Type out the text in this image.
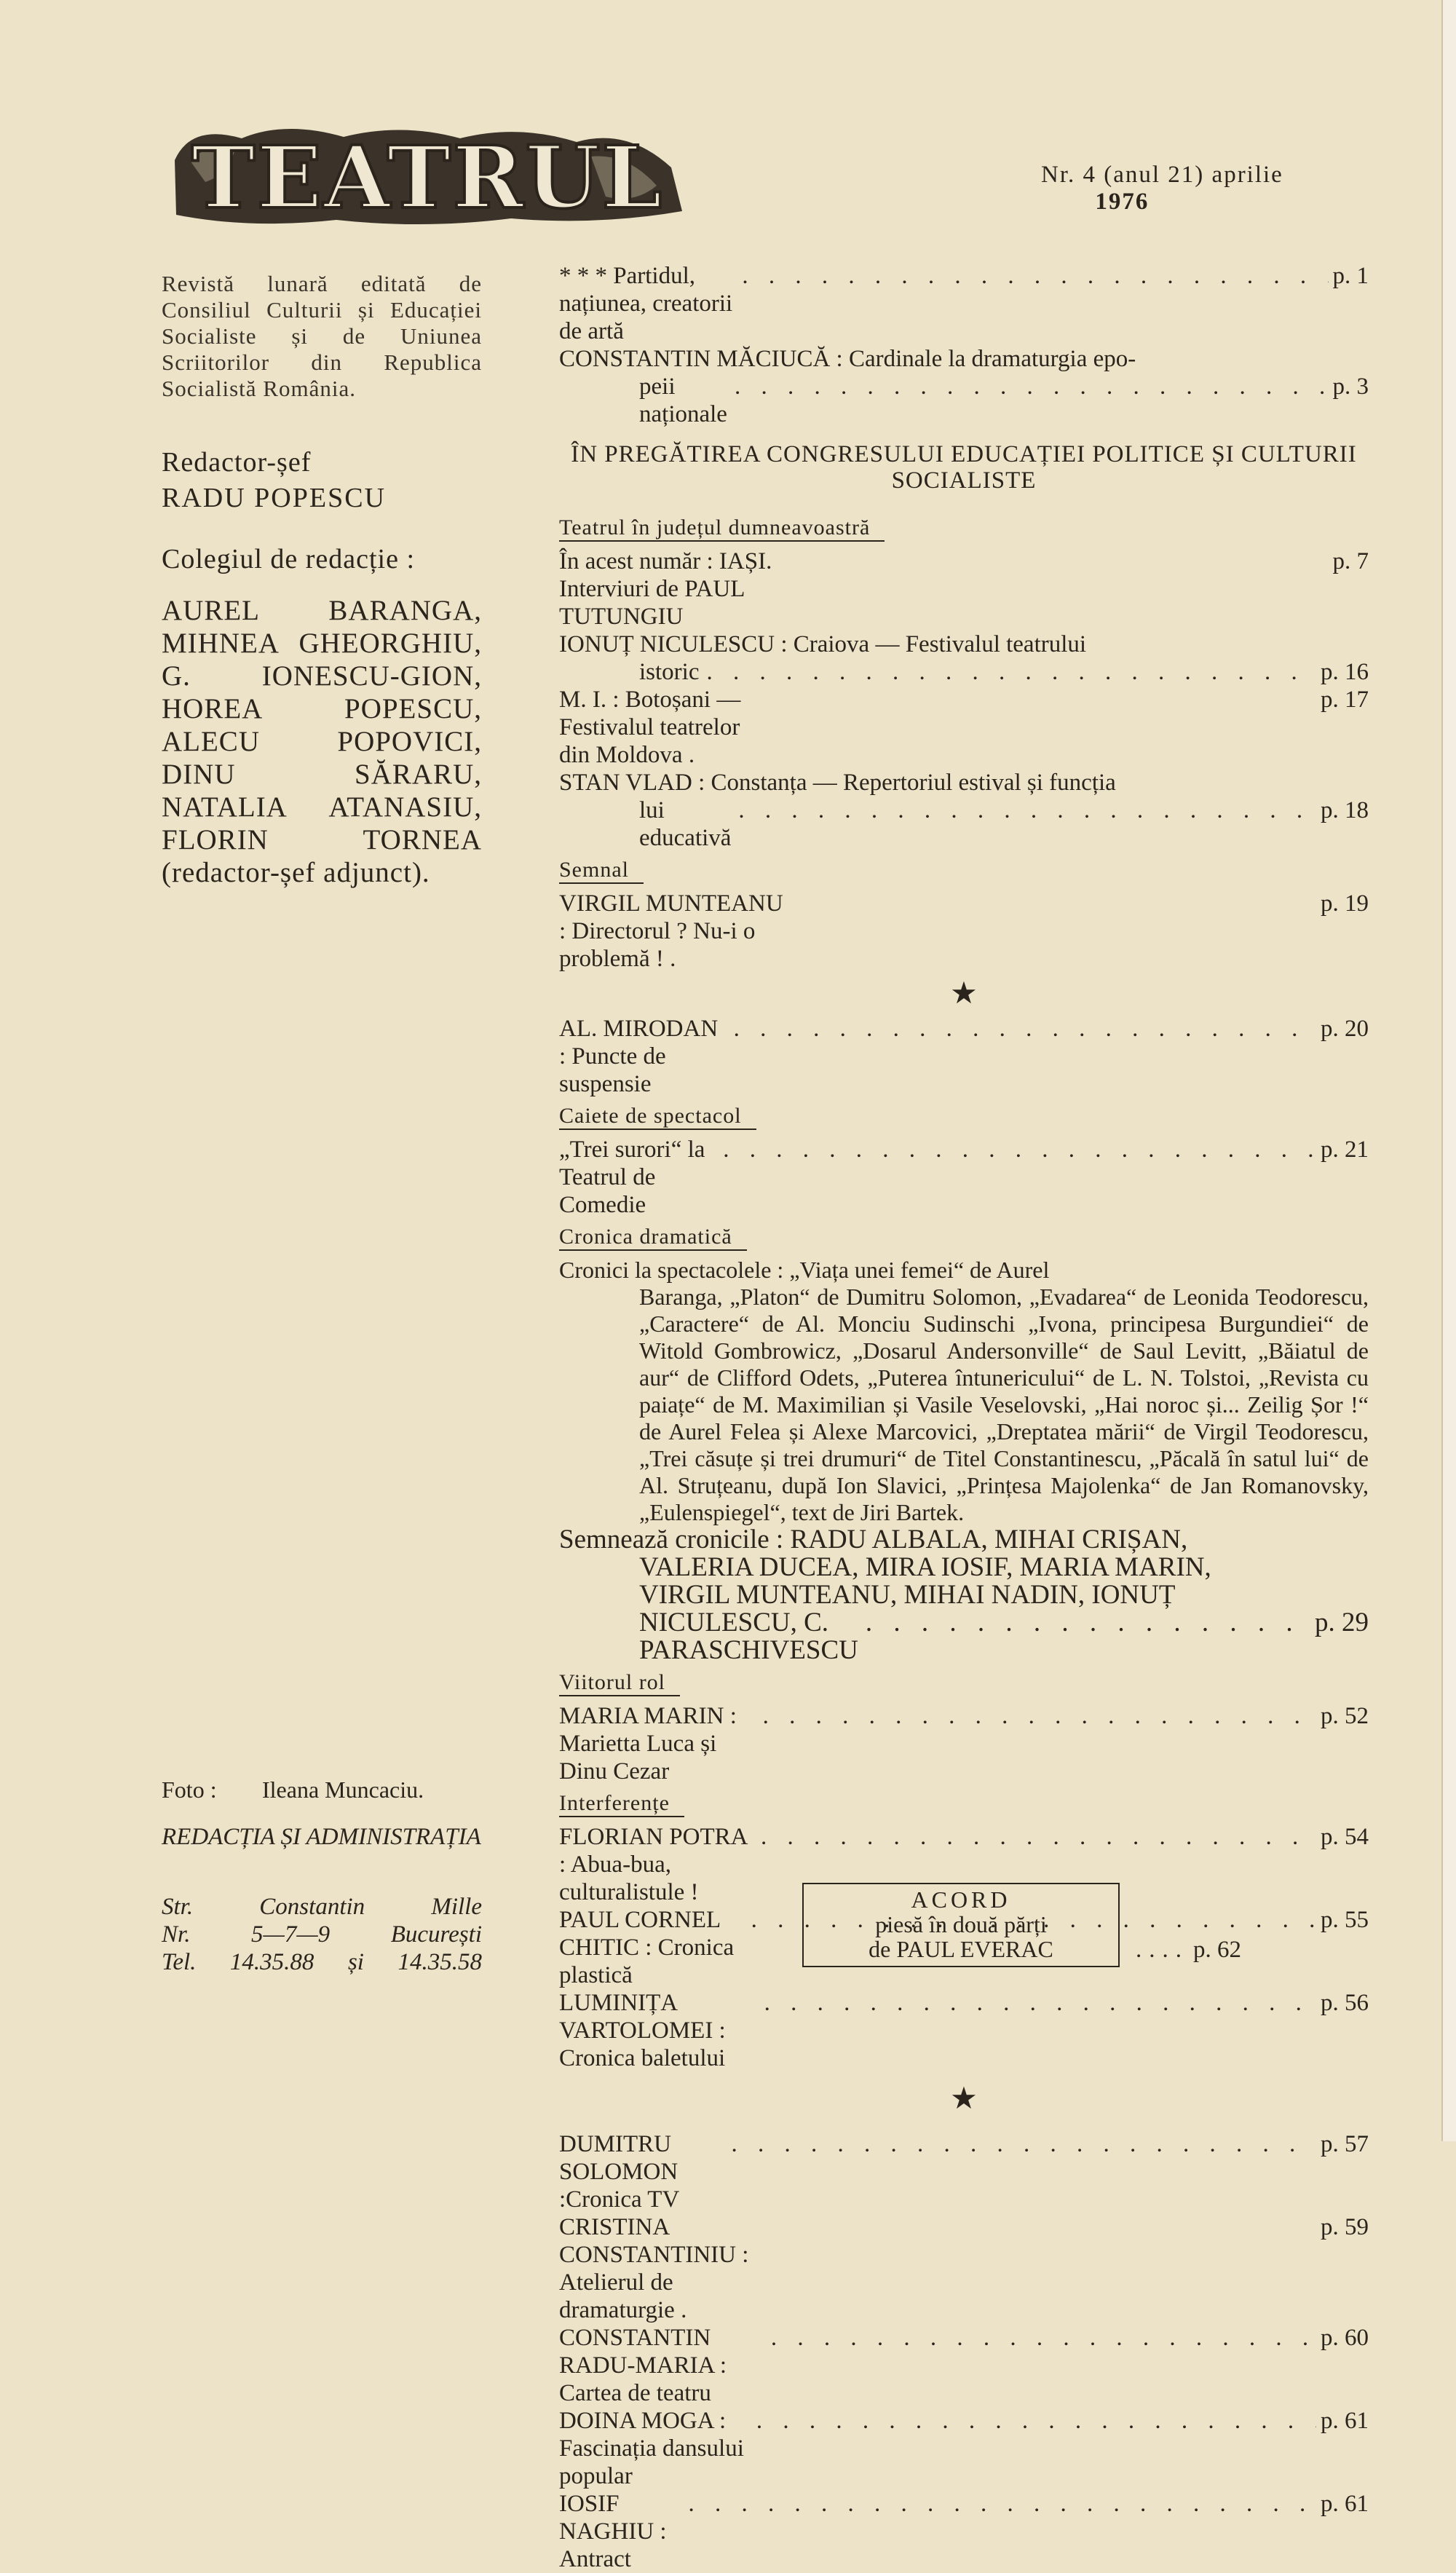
TEATRUL	Nr. 4 (anul 21) aprilie
1976
Revistă lunară editată de Consiliul Culturii și Educației Socialiste și de Uniunea Scriitorilor din Republica Socialistă România.
Redactor-șef
RADU POPESCU
Colegiul de redacție :
AUREL BARANGA, MIHNEA GHEORGHIU, G. IONESCU-GION, HOREA POPESCU, ALECU POPOVICI, DINU SĂRARU, NATALIA ATANASIU, FLORIN TORNEA (redactor-șef adjunct).
Foto : Ileana Muncaciu.
REDACȚIA ȘI ADMINISTRAȚIA
Str.	Constantin	Mille
Nr.	5—7—9	București
Tel. 14.35.88 și 14.35.58
* * * Partidul, națiunea, creatorii de artă
. . .
p. 1
CONSTANTIN MĂCIUCĂ : Cardinale la dramaturgia epo-
peii naționale
. . .
p. 3
ÎN PREGĂTIREA CONGRESULUI EDUCAȚIEI POLITICE ȘI CULTURII SOCIALISTE
Teatrul în județul dumneavoastră
În acest număr : IAȘI. Interviuri de PAUL TUTUNGIU
p. 7
IONUȚ NICULESCU : Craiova — Festivalul teatrului
istoric
. . .	p. 16
M. I. : Botoșani — Festivalul teatrelor din Moldova .
p. 17
STAN VLAD : Constanța — Repertoriul estival și funcția
lui educativă
. . .
p. 18
Semnal
VIRGIL MUNTEANU : Directorul ? Nu-i o problemă ! .
p. 19
★
AL. MIRODAN : Puncte de suspensie
. . .
p. 20
Caiete de spectacol
„Trei surori“ la Teatrul de Comedie
. . .
p. 21
Cronica dramatică
Cronici la spectacolele : „Viața unei femei“ de Aurel
Baranga, „Platon“ de Dumitru Solomon, „Evadarea“ de Leonida Teodorescu, „Caractere“ de Al. Monciu Sudinschi „Ivona, principesa Burgundiei“ de Witold Gombrowicz, „Dosarul Andersonville“ de Saul Levitt, „Băiatul de aur“ de Clifford Odets, „Puterea întunericului“ de L. N. Tolstoi, „Revista cu paiațe“ de M. Maximilian și Vasile Veselovski, „Hai noroc și... Zeilig Șor !“ de Aurel Felea și Alexe Marcovici, „Dreptatea mării“ de Virgil Teodorescu, „Trei căsuțe și trei drumuri“ de Titel Constantinescu, „Păcală în satul lui“ de Al. Struțeanu, după Ion Slavici, „Prințesa Majolenka“ de Jan Romanovsky, „Eulenspiegel“, text de Jiri Bartek.
Semnează cronicile : RADU ALBALA, MIHAI CRIȘAN,
VALERIA DUCEA, MIRA IOSIF, MARIA MARIN,
VIRGIL MUNTEANU, MIHAI NADIN, IONUȚ
NICULESCU, C. PARASCHIVESCU
. . .
p. 29
Viitorul rol
MARIA MARIN : Marietta Luca și Dinu Cezar
. . .
p. 52
Interferențe
FLORIAN POTRA : Abua-bua, culturalistule !
. . .
p. 54
PAUL CORNEL CHITIC : Cronica plastică
. . .
p. 55
LUMINIȚA VARTOLOMEI : Cronica baletului
. . .
p. 56
★
DUMITRU SOLOMON :Cronica TV
. . .
p. 57
CRISTINA CONSTANTINIU : Atelierul de dramaturgie .
p. 59
CONSTANTIN RADU-MARIA : Cartea de teatru
. . .
p. 60
DOINA MOGA : Fascinația dansului popular
. . .
p. 61
IOSIF NAGHIU : Antract
. . .
p. 61
ACORD
piesă în două părți
de PAUL EVERAC	.... p. 62
